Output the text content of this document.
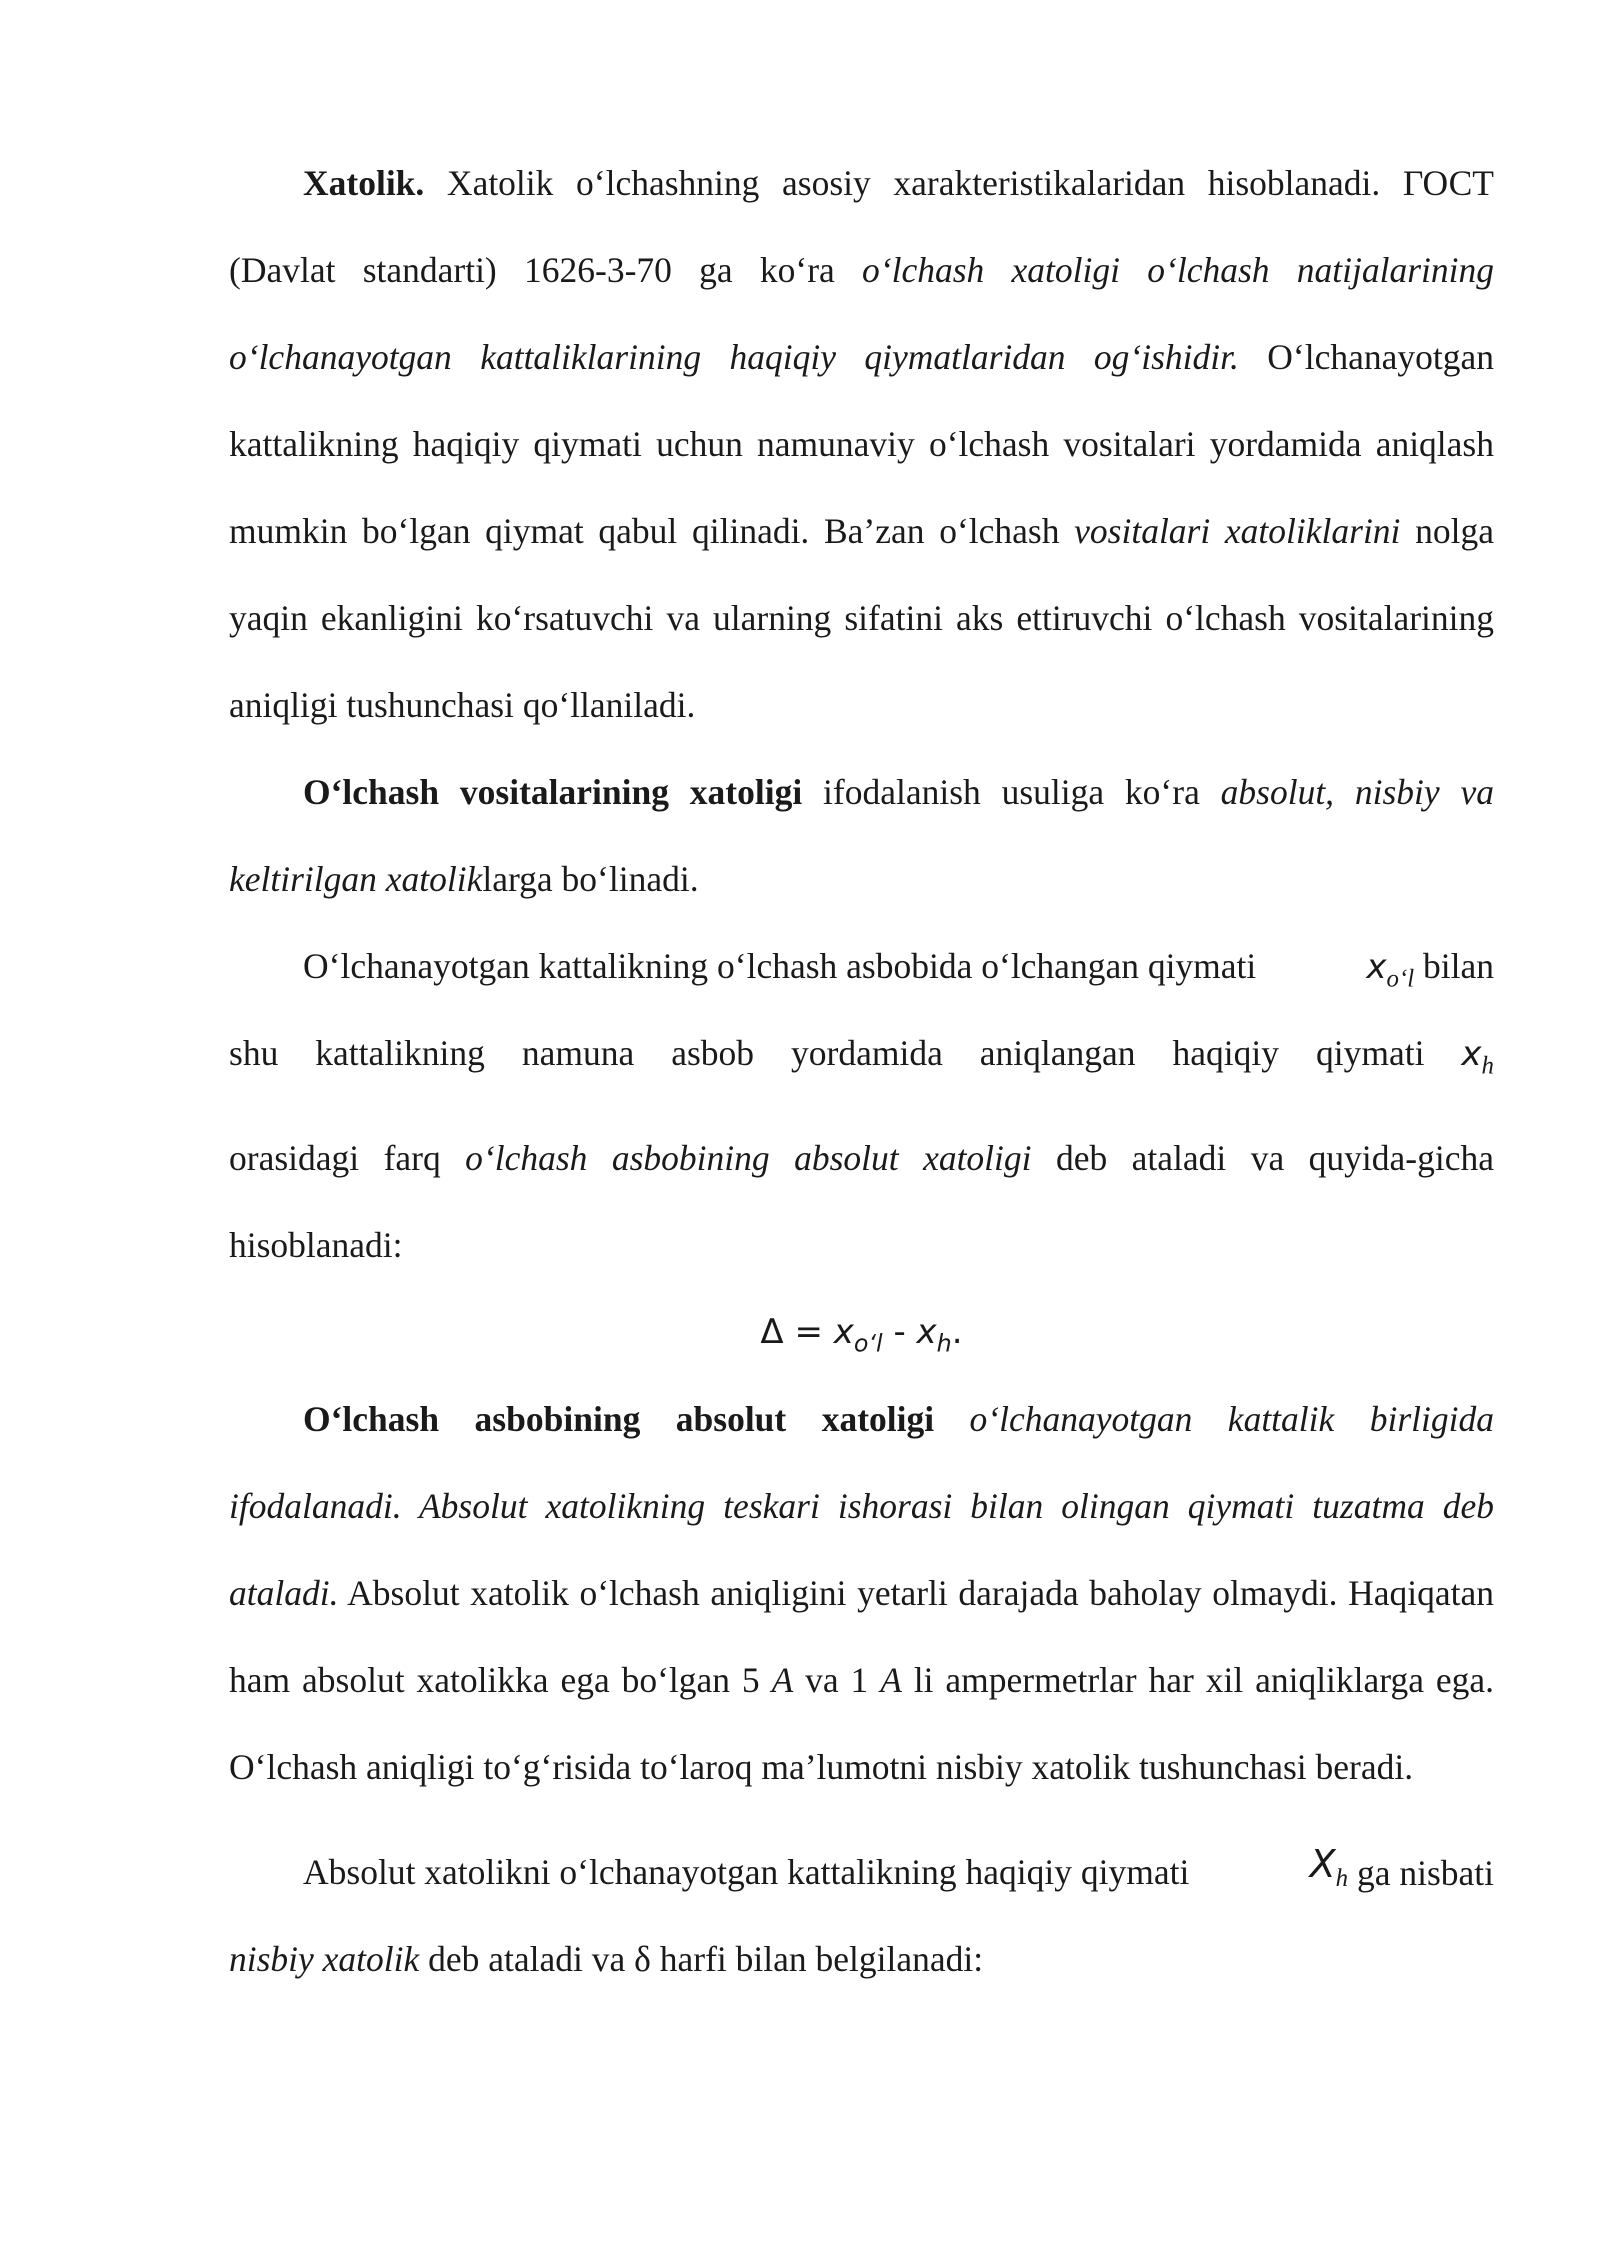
Xatolik. Xatolik o‘lchashning asosiy xarakteristikalaridan hisoblanadi. ГОСТ (Davlat standarti) 1626-3-70 ga ko‘ra o‘lchash xatoligi o‘lchash natijalarining o‘lchanayotgan kattaliklarining haqiqiy qiymatlaridan og‘ishidir. O‘lchanayotgan kattalikning haqiqiy qiymati uchun namunaviy o‘lchash vositalari yordamida aniqlash mumkin bo‘lgan qiymat qabul qilinadi. Ba’zan o‘lchash vositalari xatoliklarini nolga yaqin ekanligini ko‘rsatuvchi va ularning sifatini aks ettiruvchi o‘lchash vositalarining aniqligi tushunchasi qo‘llaniladi.

O‘lchash vositalarining xatoligi ifodalanish usuliga ko‘ra absolut, nisbiy va keltirilgan xatoliklarga bo‘linadi.

O‘lchanayotgan kattalikning o‘lchash asbobida o‘lchangan qiymati	$x_{o‘l}$ bilan
shu kattalikning namuna asbob yordamida aniqlangan haqiqiy qiymati $x_h$

orasidagi farq o‘lchash asbobining absolut xatoligi deb ataladi va quyida-gicha hisoblanadi:

$\Delta = x_{o‘l} - x_h$.

O‘lchash asbobining absolut xatoligi o‘lchanayotgan kattalik birligida ifodalanadi. Absolut xatolikning teskari ishorasi bilan olingan qiymati tuzatma deb ataladi. Absolut xatolik o‘lchash aniqligini yetarli darajada baholay olmaydi. Haqiqatan ham absolut xatolikka ega bo‘lgan 5 A va 1 A li ampermetrlar har xil aniqliklarga ega. O‘lchash aniqligi to‘g‘risida to‘laroq ma’lumotni nisbiy xatolik tushunchasi beradi.

Absolut xatolikni o‘lchanayotgan kattalikning haqiqiy qiymati	$X_h$ ga nisbati

nisbiy xatolik deb ataladi va δ harfi bilan belgilanadi:
